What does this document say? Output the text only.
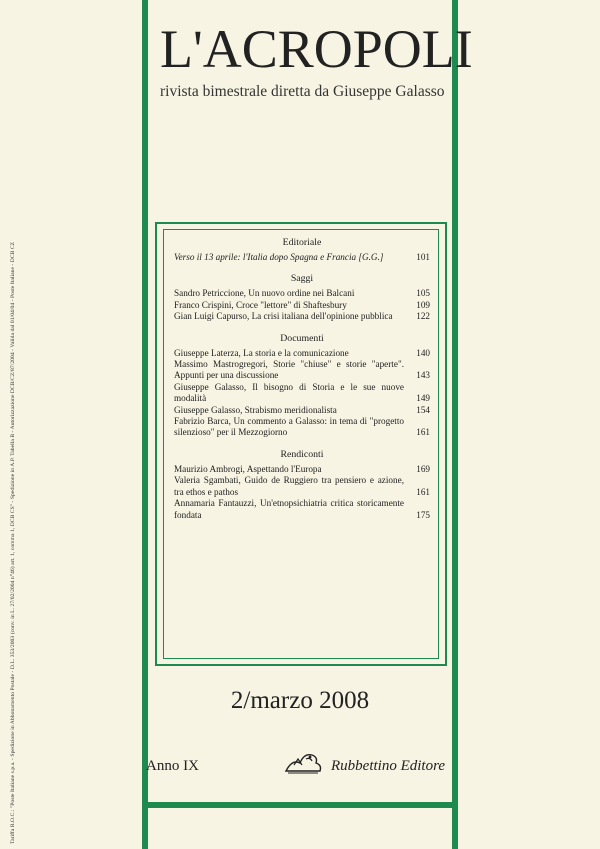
Tariffa R.O.C.: "Poste Italiane s.p.a. - Spedizione in Abbonamento Postale - D.L. 353/2003 (conv. in L. 27/02/2004 n°46) art. 1, comma 1, DCB CS" - Spedizione in A.P. Tabella B - Autorizzazione DCB/CZ/87/2004 - Valida dal 01/04/04 - Poste Italiane - DCB CZ
L'ACROPOLI
rivista bimestrale diretta da Giuseppe Galasso
Editoriale
Verso il 13 aprile: l'Italia dopo Spagna e Francia [G.G.]	101
Saggi
Sandro Petriccione, Un nuovo ordine nei Balcani	105
Franco Crispini, Croce "lettore" di Shaftesbury	109
Gian Luigi Capurso, La crisi italiana dell'opinione pubblica	122
Documenti
Giuseppe Laterza, La storia e la comunicazione	140
Massimo Mastrogregori, Storie "chiuse" e storie "aperte". Appunti per una discussione	143
Giuseppe Galasso, Il bisogno di Storia e le sue nuove modalità	149
Giuseppe Galasso, Strabismo meridionalista	154
Fabrizio Barca, Un commento a Galasso: in tema di "progetto silenzioso" per il Mezzogiorno	161
Rendiconti
Maurizio Ambrogi, Aspettando l'Europa	169
Valeria Sgambati, Guido de Ruggiero tra pensiero e azione, tra ethos e pathos	161
Annamaria Fantauzzi, Un'etnopsichiatria critica storicamente fondata	175
2/marzo 2008
Anno IX	Rubbettino Editore
